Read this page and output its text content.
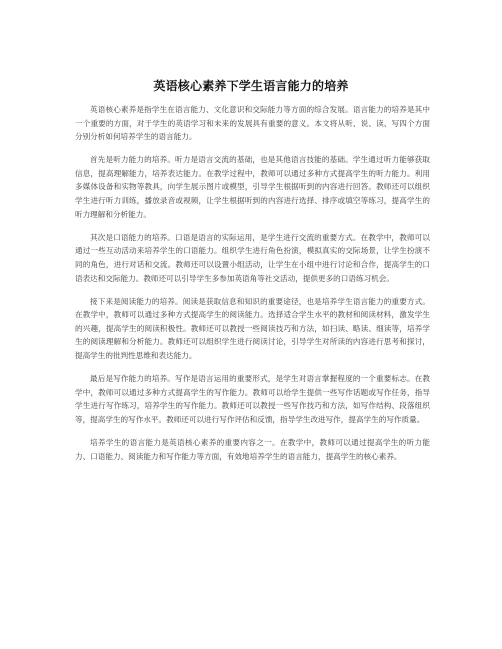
英语核心素养下学生语言能力的培养

英语核心素养是指学生在语言能力、文化意识和交际能力等方面的综合发展。语言能力的培养是其中一个重要的方面，对于学生的英语学习和未来的发展具有重要的意义。本文将从听、说、读、写四个方面分别分析如何培养学生的语言能力。

首先是听力能力的培养。听力是语言交流的基础，也是其他语言技能的基础。学生通过听力能够获取信息，提高理解能力，培养表达能力。在教学过程中，教师可以通过多种方式提高学生的听力能力。利用多媒体设备和实物等教具，向学生展示图片或模型，引导学生根据听到的内容进行回答。教师还可以组织学生进行听力训练，播放录音或视频，让学生根据听到的内容进行选择、排序或填空等练习，提高学生的听力理解和分析能力。

其次是口语能力的培养。口语是语言的实际运用，是学生进行交流的重要方式。在教学中，教师可以通过一些互动活动来培养学生的口语能力。组织学生进行角色扮演，模拟真实的交际场景，让学生扮演不同的角色，进行对话和交流。教师还可以设置小组活动，让学生在小组中进行讨论和合作，提高学生的口语表达和交际能力。教师还可以引导学生多参加英语角等社交活动，提供更多的口语练习机会。

接下来是阅读能力的培养。阅读是获取信息和知识的重要途径，也是培养学生语言能力的重要方式。在教学中，教师可以通过多种方式提高学生的阅读能力。选择适合学生水平的教材和阅读材料，激发学生的兴趣，提高学生的阅读积极性。教师还可以教授一些阅读技巧和方法，如扫读、略读、细读等，培养学生的阅读理解和分析能力。教师还可以组织学生进行阅读讨论，引导学生对所读的内容进行思考和探讨，提高学生的批判性思维和表达能力。

最后是写作能力的培养。写作是语言运用的重要形式，是学生对语言掌握程度的一个重要标志。在教学中，教师可以通过多种方式提高学生的写作能力。教师可以给学生提供一些写作话题或写作任务，指导学生进行写作练习，培养学生的写作能力。教师还可以教授一些写作技巧和方法，如写作结构、段落组织等，提高学生的写作水平。教师还可以进行写作评估和反馈，指导学生改进写作，提高学生的写作质量。

培养学生的语言能力是英语核心素养的重要内容之一。在教学中，教师可以通过提高学生的听力能力、口语能力、阅读能力和写作能力等方面，有效地培养学生的语言能力，提高学生的核心素养。
